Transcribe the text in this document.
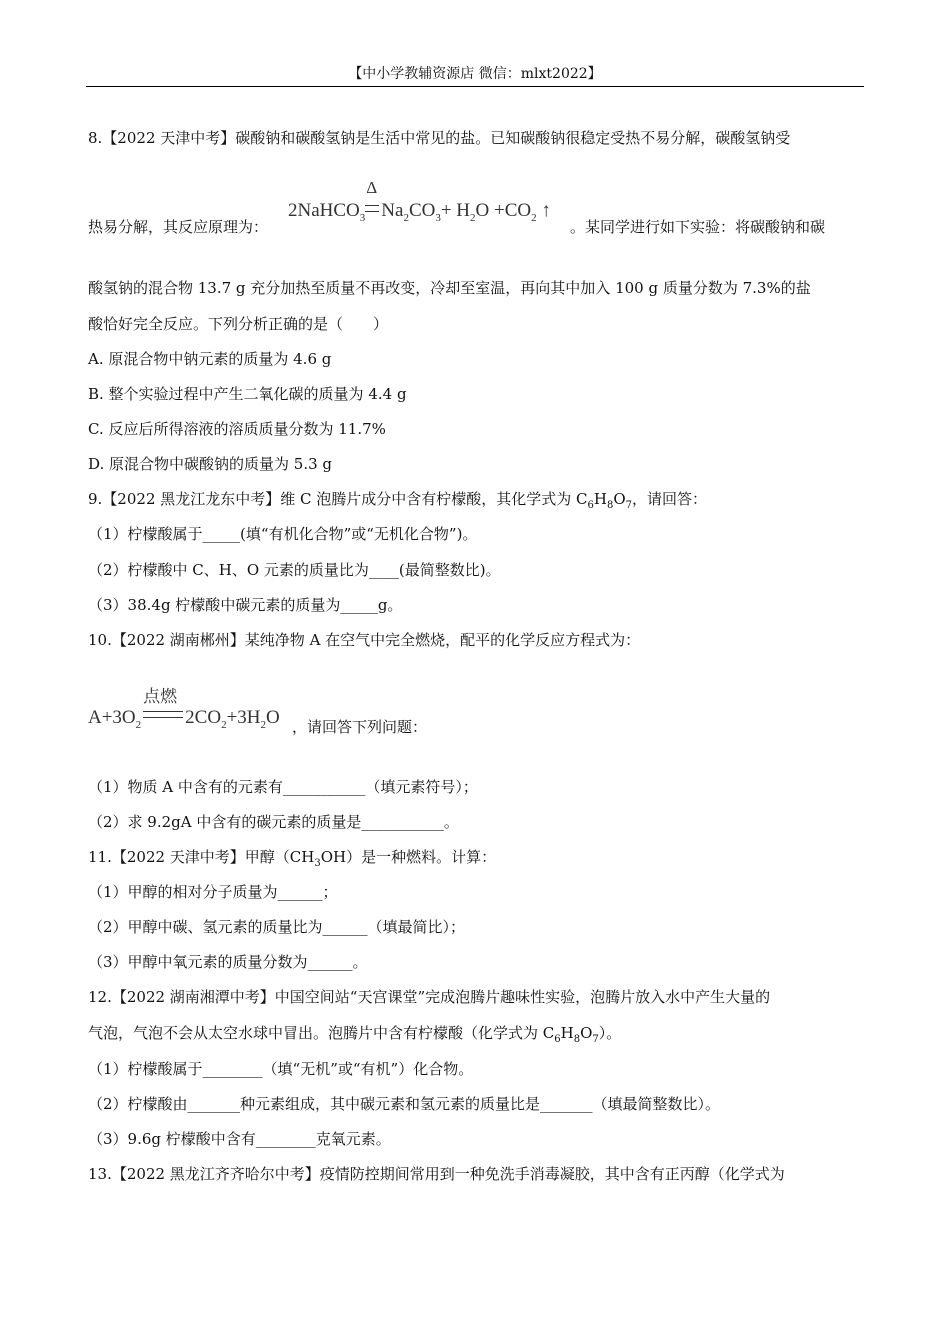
【中小学教辅资源店 微信：mlxt2022】
8.【2022 天津中考】碳酸钠和碳酸氢钠是生活中常见的盐。已知碳酸钠很稳定受热不易分解，碳酸氢钠受
热易分解，其反应原理为：
2NaHCO$_3$
Δ
$Na_2CO_3+ H_2O +CO_2$ ↑
。某同学进行如下实验：将碳酸钠和碳
酸氢钠的混合物 13.7 g 充分加热至质量不再改变，冷却至室温，再向其中加入 100 g 质量分数为 7.3%的盐
酸恰好完全反应。下列分析正确的是（　　）
A. 原混合物中钠元素的质量为 4.6 g
B. 整个实验过程中产生二氧化碳的质量为 4.4 g
C. 反应后所得溶液的溶质质量分数为 11.7%
D. 原混合物中碳酸钠的质量为 5.3 g
9.【2022 黑龙江龙东中考】维 C 泡腾片成分中含有柠檬酸，其化学式为 $C_6H_8O_7$，请回答：
（1）柠檬酸属于_____(填“有机化合物”或“无机化合物”)。
（2）柠檬酸中 C、H、O 元素的质量比为____(最简整数比)。
（3）38.4g 柠檬酸中碳元素的质量为_____g。
10.【2022 湖南郴州】某纯净物 A 在空气中完全燃烧，配平的化学反应方程式为：
$A+3O_2$
点燃
$2CO_2+3H_2O$ ，请回答下列问题：
（1）物质 A 中含有的元素有___________（填元素符号）；
（2）求 9.2gA 中含有的碳元素的质量是___________。
11.【2022 天津中考】甲醇$(CH_3OH)$是一种燃料。计算：
（1）甲醇的相对分子质量为______；
（2）甲醇中碳、氢元素的质量比为______（填最简比）；
（3）甲醇中氧元素的质量分数为______。
12.【2022 湖南湘潭中考】中国空间站“天宫课堂”完成泡腾片趣味性实验，泡腾片放入水中产生大量的
气泡，气泡不会从太空水球中冒出。泡腾片中含有柠檬酸（化学式为 $C_6H_8O_7$）。
（1）柠檬酸属于________（填“无机”或“有机”）化合物。
（2）柠檬酸由_______种元素组成，其中碳元素和氢元素的质量比是_______（填最简整数比）。
（3）9.6g 柠檬酸中含有________克氧元素。
13.【2022 黑龙江齐齐哈尔中考】疫情防控期间常用到一种免洗手消毒凝胶，其中含有正丙醇（化学式为
